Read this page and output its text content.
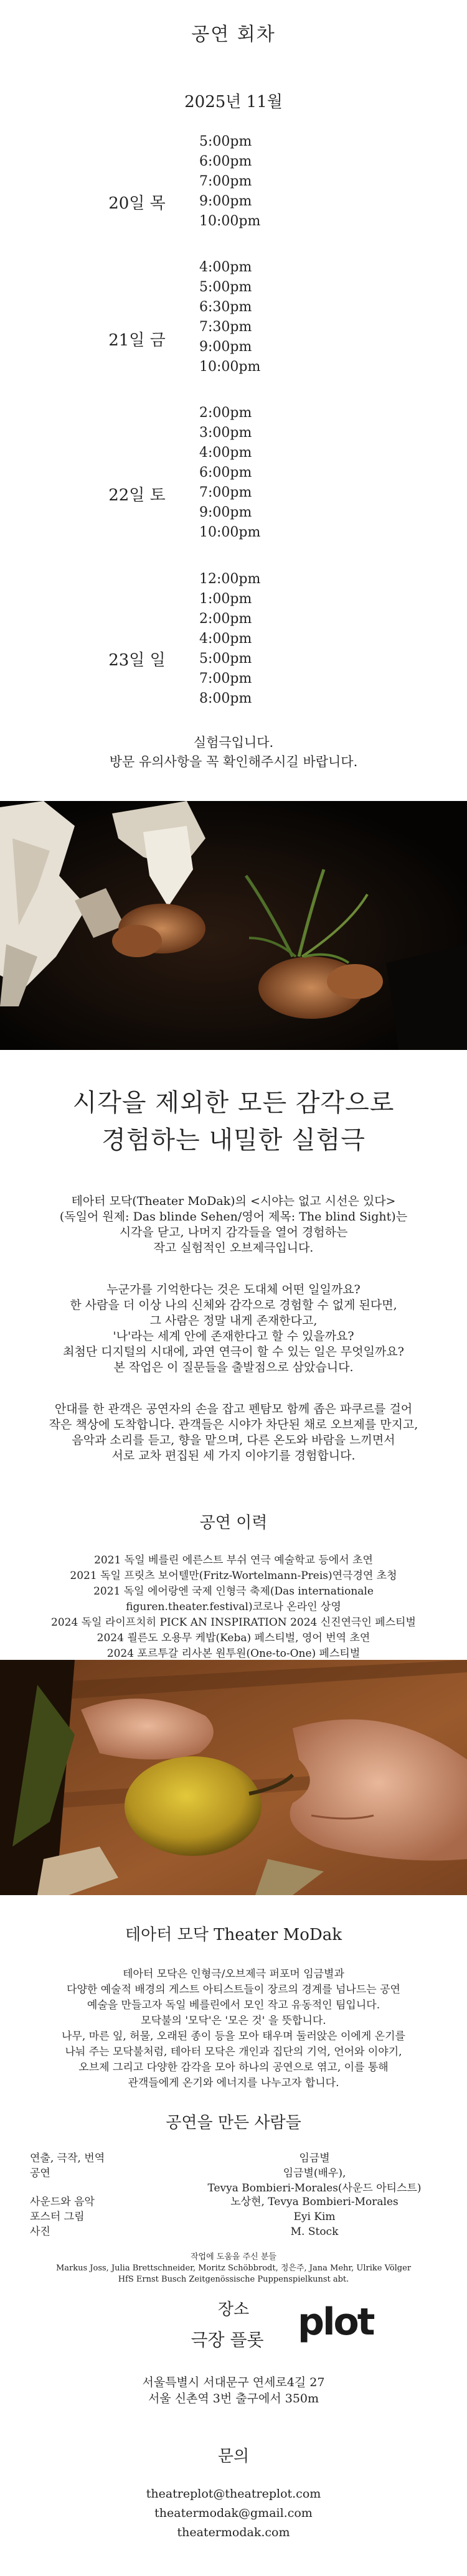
공연 회차
2025년 11월
20일 목
5:00pm
6:00pm
7:00pm
9:00pm
10:00pm
21일 금
4:00pm
5:00pm
6:30pm
7:30pm
9:00pm
10:00pm
22일 토
2:00pm
3:00pm
4:00pm
6:00pm
7:00pm
9:00pm
10:00pm
23일 일
12:00pm
1:00pm
2:00pm
4:00pm
5:00pm
7:00pm
8:00pm
실험극입니다.
방문 유의사항을 꼭 확인해주시길 바랍니다.
시각을 제외한 모든 감각으로
경험하는 내밀한 실험극
테아터 모닥(Theater MoDak)의 <시야는 없고 시선은 있다>
(독일어 원제: Das blinde Sehen/영어 제목: The blind Sight)는
시각을 닫고, 나머지 감각들을 열어 경험하는
작고 실험적인 오브제극입니다.
누군가를 기억한다는 것은 도대체 어떤 일일까요?
한 사람을 더 이상 나의 신체와 감각으로 경험할 수 없게 된다면,
그 사람은 정말 내게 존재한다고,
'나'라는 세계 안에 존재한다고 할 수 있을까요?
최첨단 디지털의 시대에, 과연 연극이 할 수 있는 일은 무엇일까요?
본 작업은 이 질문들을 출발점으로 삼았습니다.
안대를 한 관객은 공연자의 손을 잡고 펜탐모 함께 좁은 파쿠르를 걸어
작은 책상에 도착합니다. 관객들은 시야가 차단된 채로 오브제를 만지고,
음악과 소리를 듣고, 향을 맡으며, 다른 온도와 바람을 느끼면서
서로 교차 편집된 세 가지 이야기를 경험합니다.
공연 이력
2021 독일 베를린 에른스트 부쉬 연극 예술학교 등에서 초연
2021 독일 프릿츠 보어텔만(Fritz-Wortelmann-Preis)연극경연 초청
2021 독일 에어랑엔 국제 인형극 축제(Das internationale
figuren.theater.festival)코로나 온라인 상영
2024 독일 라이프치히 PICK AN INSPIRATION 2024 신진연극인 페스티벌
2024 쾰른도 오용무 케밥(Keba) 페스티벌, 영어 번역 초연
2024 포르투갈 리사본 원투원(One-to-One) 페스티벌
테아터 모닥 Theater MoDak
테아터 모닥은 인형극/오브제극 퍼포머 임금별과
다양한 예술적 배경의 게스트 아티스트들이 장르의 경계를 넘나드는 공연
예술을 만들고자 독일 베를린에서 모인 작고 유동적인 팀입니다.
모닥불의 '모닥'은 '모은 것' 을 뜻합니다.
나무, 마른 잎, 허물, 오래된 종이 등을 모아 태우며 둘러앉은 이에게 온기를
나눠 주는 모닥불처럼, 테아터 모닥은 개인과 집단의 기억, 언어와 이야기,
오브제 그리고 다양한 감각을 모아 하나의 공연으로 엮고, 이를 통해
관객들에게 온기와 에너지를 나누고자 합니다.
공연을 만든 사람들
연출, 극작, 번역
공연
임금별
임금별(배우),
Tevya Bombieri-Morales(사운드 아티스트)
사운드와 음악
포스터 그림
사진
노상현, Tevya Bombieri-Morales
Eyi Kim
M. Stock
작업에 도움을 주신 분들
Markus Joss, Julia Brettschneider, Moritz Schöbbrodt, 정은주, Jana Mehr, Ulrike Völger
HfS Ernst Busch Zeitgenössische Puppenspielkunst abt.
장소
극장 플롯 plot
서울특별시 서대문구 연세로4길 27
서울 신촌역 3번 출구에서 350m
문의
theatreplot@theatreplot.com
theatermodak@gmail.com
theatermodak.com
